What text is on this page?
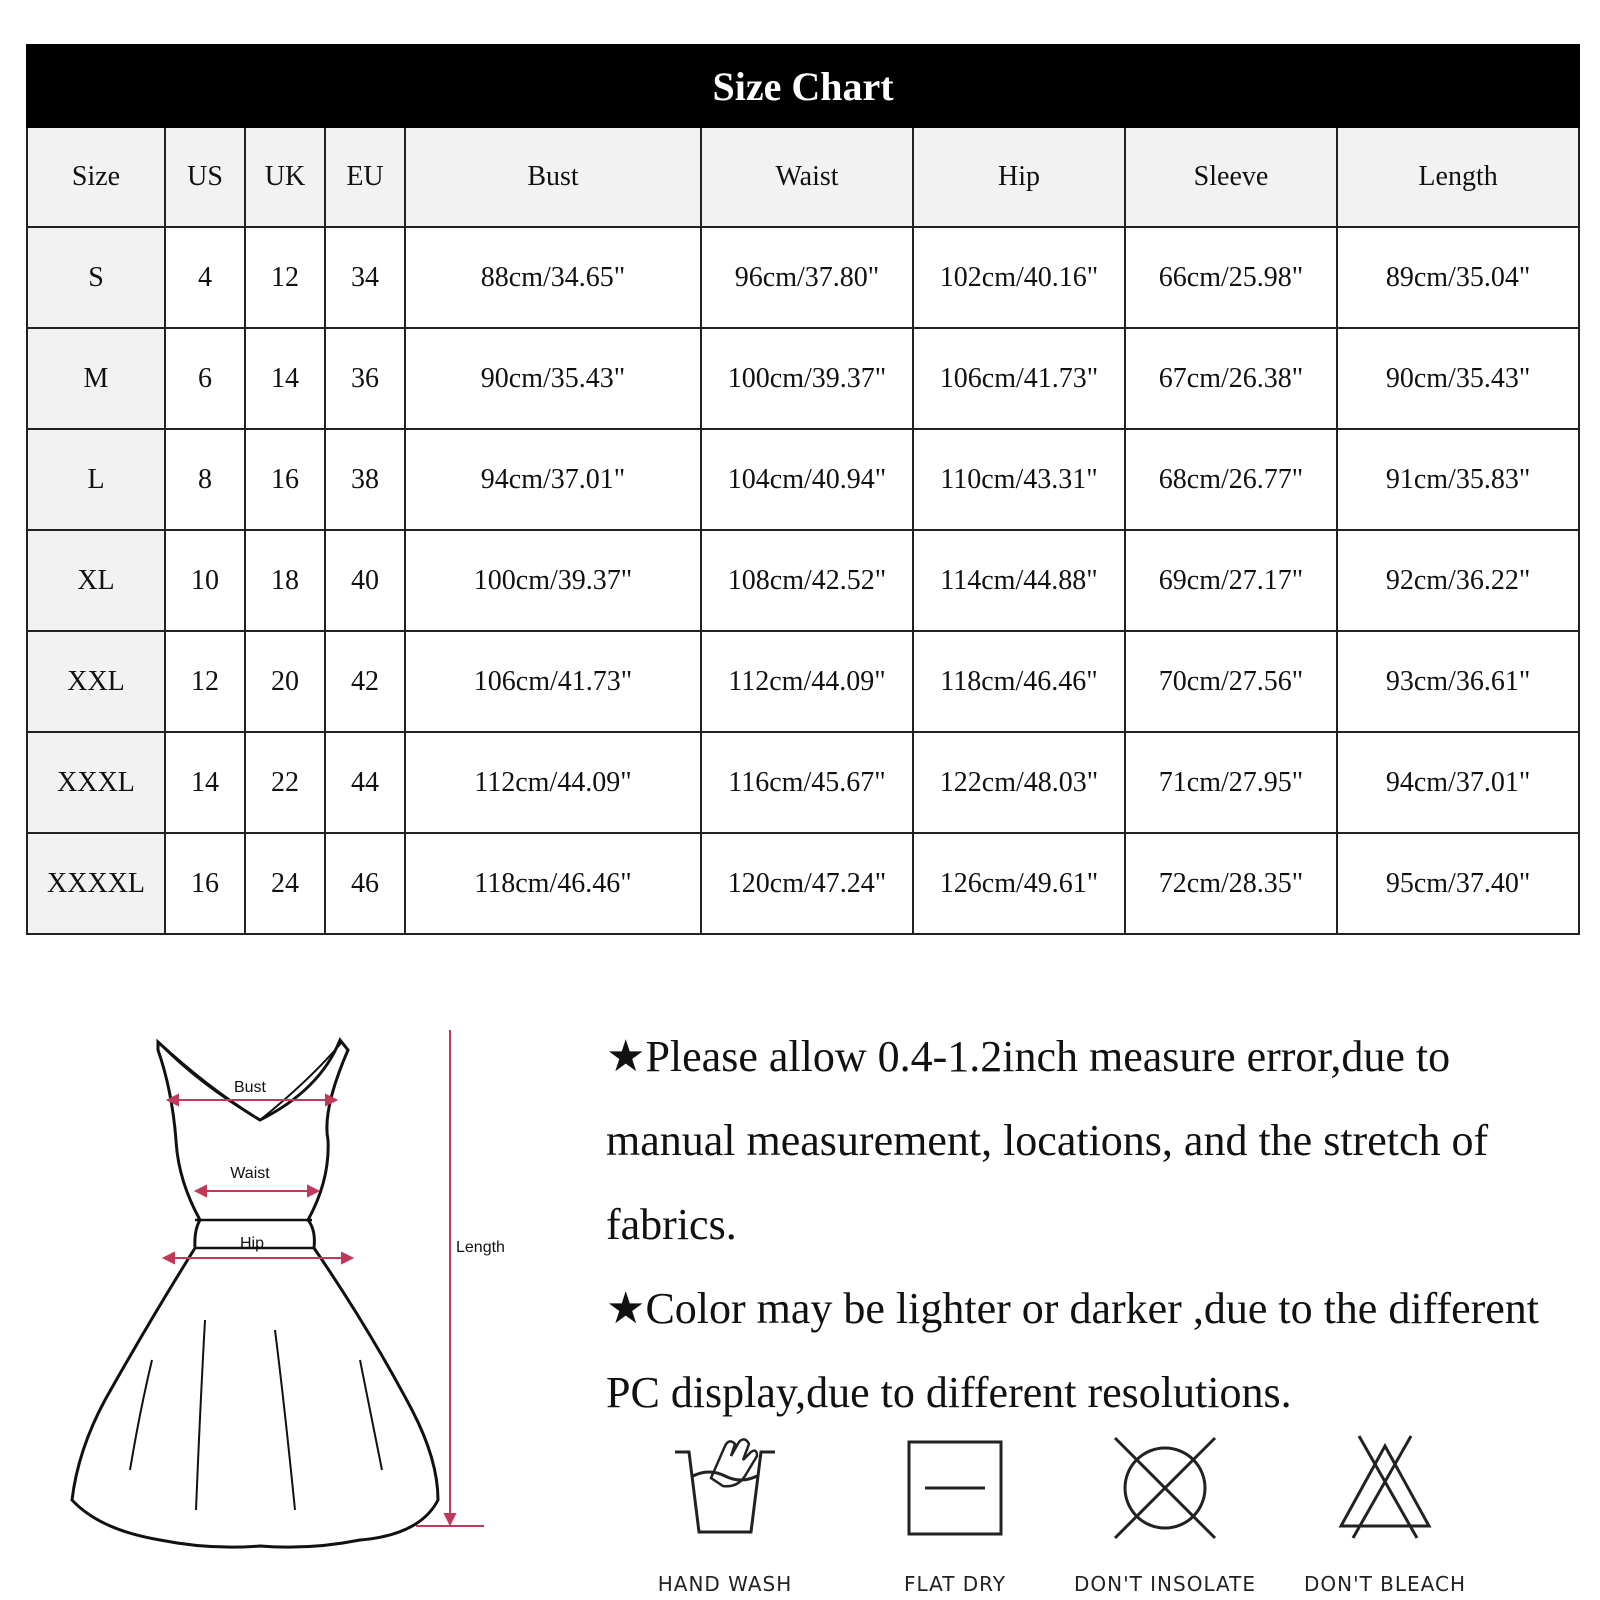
Size Chart								
Size	US	UK	EU	Bust	Waist	Hip	Sleeve	Length
S	4	12	34	88cm/34.65"	96cm/37.80"	102cm/40.16"	66cm/25.98"	89cm/35.04"
M	6	14	36	90cm/35.43"	100cm/39.37"	106cm/41.73"	67cm/26.38"	90cm/35.43"
L	8	16	38	94cm/37.01"	104cm/40.94"	110cm/43.31"	68cm/26.77"	91cm/35.83"
XL	10	18	40	100cm/39.37"	108cm/42.52"	114cm/44.88"	69cm/27.17"	92cm/36.22"
XXL	12	20	42	106cm/41.73"	112cm/44.09"	118cm/46.46"	70cm/27.56"	93cm/36.61"
XXXL	14	22	44	112cm/44.09"	116cm/45.67"	122cm/48.03"	71cm/27.95"	94cm/37.01"
XXXXL	16	24	46	118cm/46.46"	120cm/47.24"	126cm/49.61"	72cm/28.35"	95cm/37.40"
Bust
Waist
Hip	Length

★Please allow 0.4-1.2inch measure error,due to manual measurement, locations, and the stretch of fabrics.

★Color may be lighter or darker ,due to the different PC display,due to different resolutions.

HAND WASH	FLAT DRY	DON'T INSOLATE	DON'T BLEACH
